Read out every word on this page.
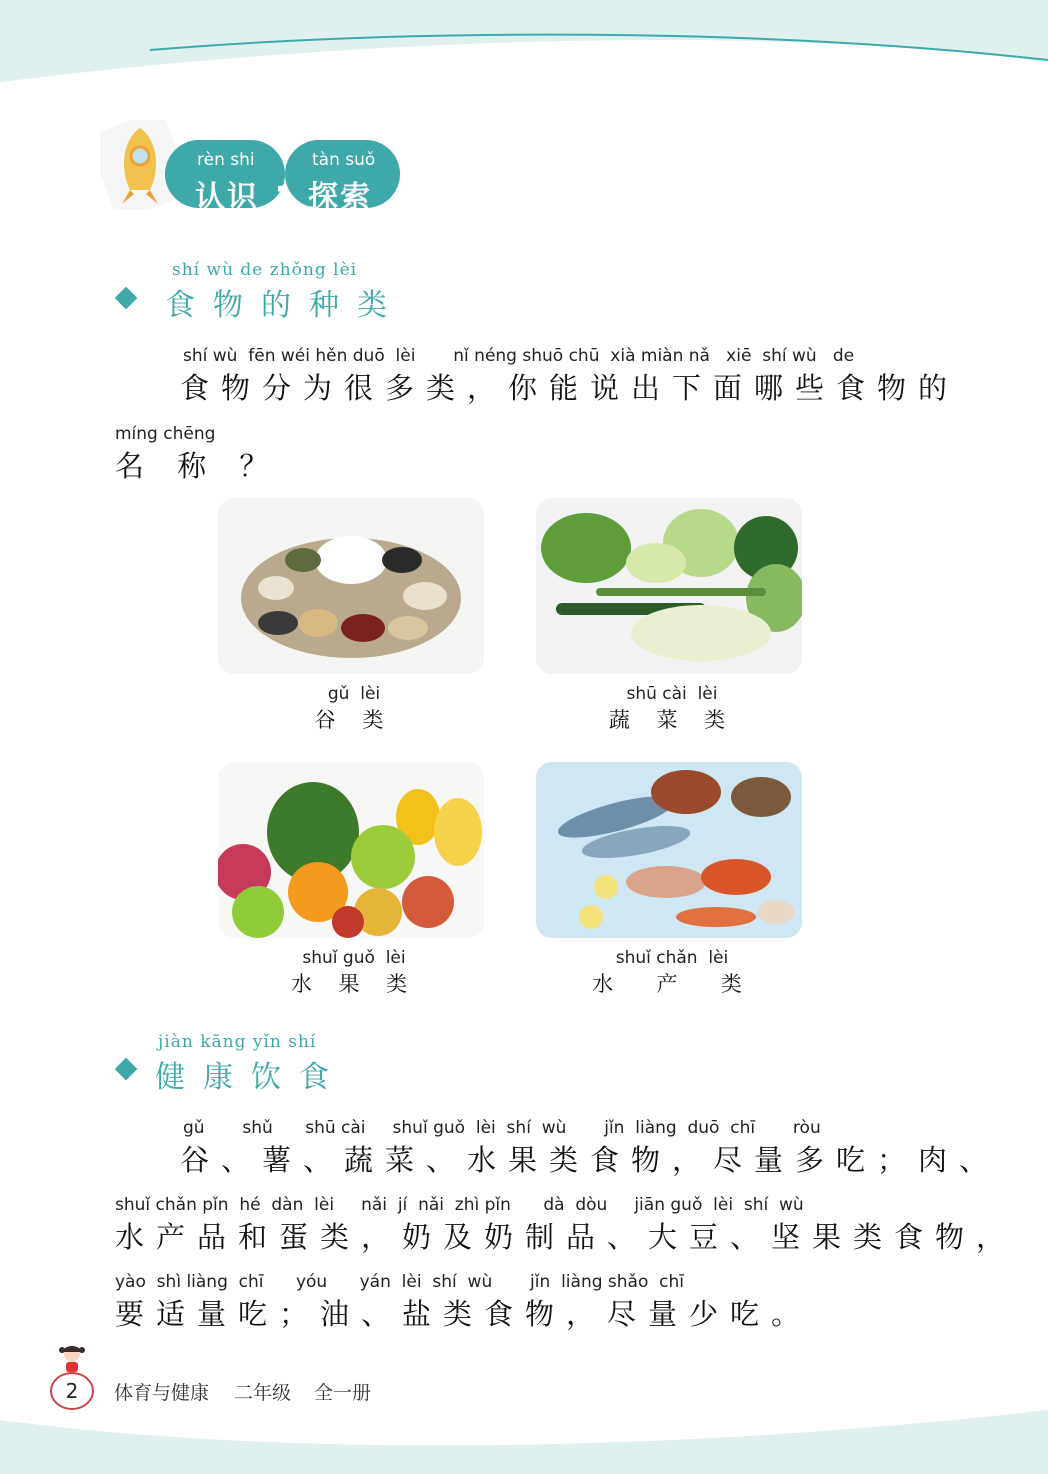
rèn shi
认识 ·
tàn suǒ
探索
shí wù de zhǒng lèi
食物的种类
shí wù  fēn wéi hěn duō  lèi       nǐ néng shuō chū  xià miàn nǎ   xiē  shí wù   de
食物分为很多类，你能说出下面哪些食物的
míng chēng
名 称 ？
gǔ  lèi
谷 类
shū cài  lèi
蔬 菜 类
shuǐ guǒ  lèi
水 果 类
shuǐ chǎn  lèi
水  产  类
jiàn kāng yǐn shí
健康饮食
gǔ       shǔ      shū cài     shuǐ guǒ  lèi  shí  wù       jǐn  liàng  duō  chī       ròu
谷、薯、蔬菜、水果类食物，尽量多吃；肉、
shuǐ chǎn pǐn  hé  dàn  lèi     nǎi  jí  nǎi  zhì pǐn      dà  dòu     jiān guǒ  lèi  shí  wù
水产品和蛋类，奶及奶制品、大豆、坚果类食物，
yào  shì liàng  chī      yóu      yán  lèi  shí  wù       jǐn  liàng shǎo  chī
要适量吃；油、盐类食物，尽量少吃。
2	体育与健康 二年级 全一册
